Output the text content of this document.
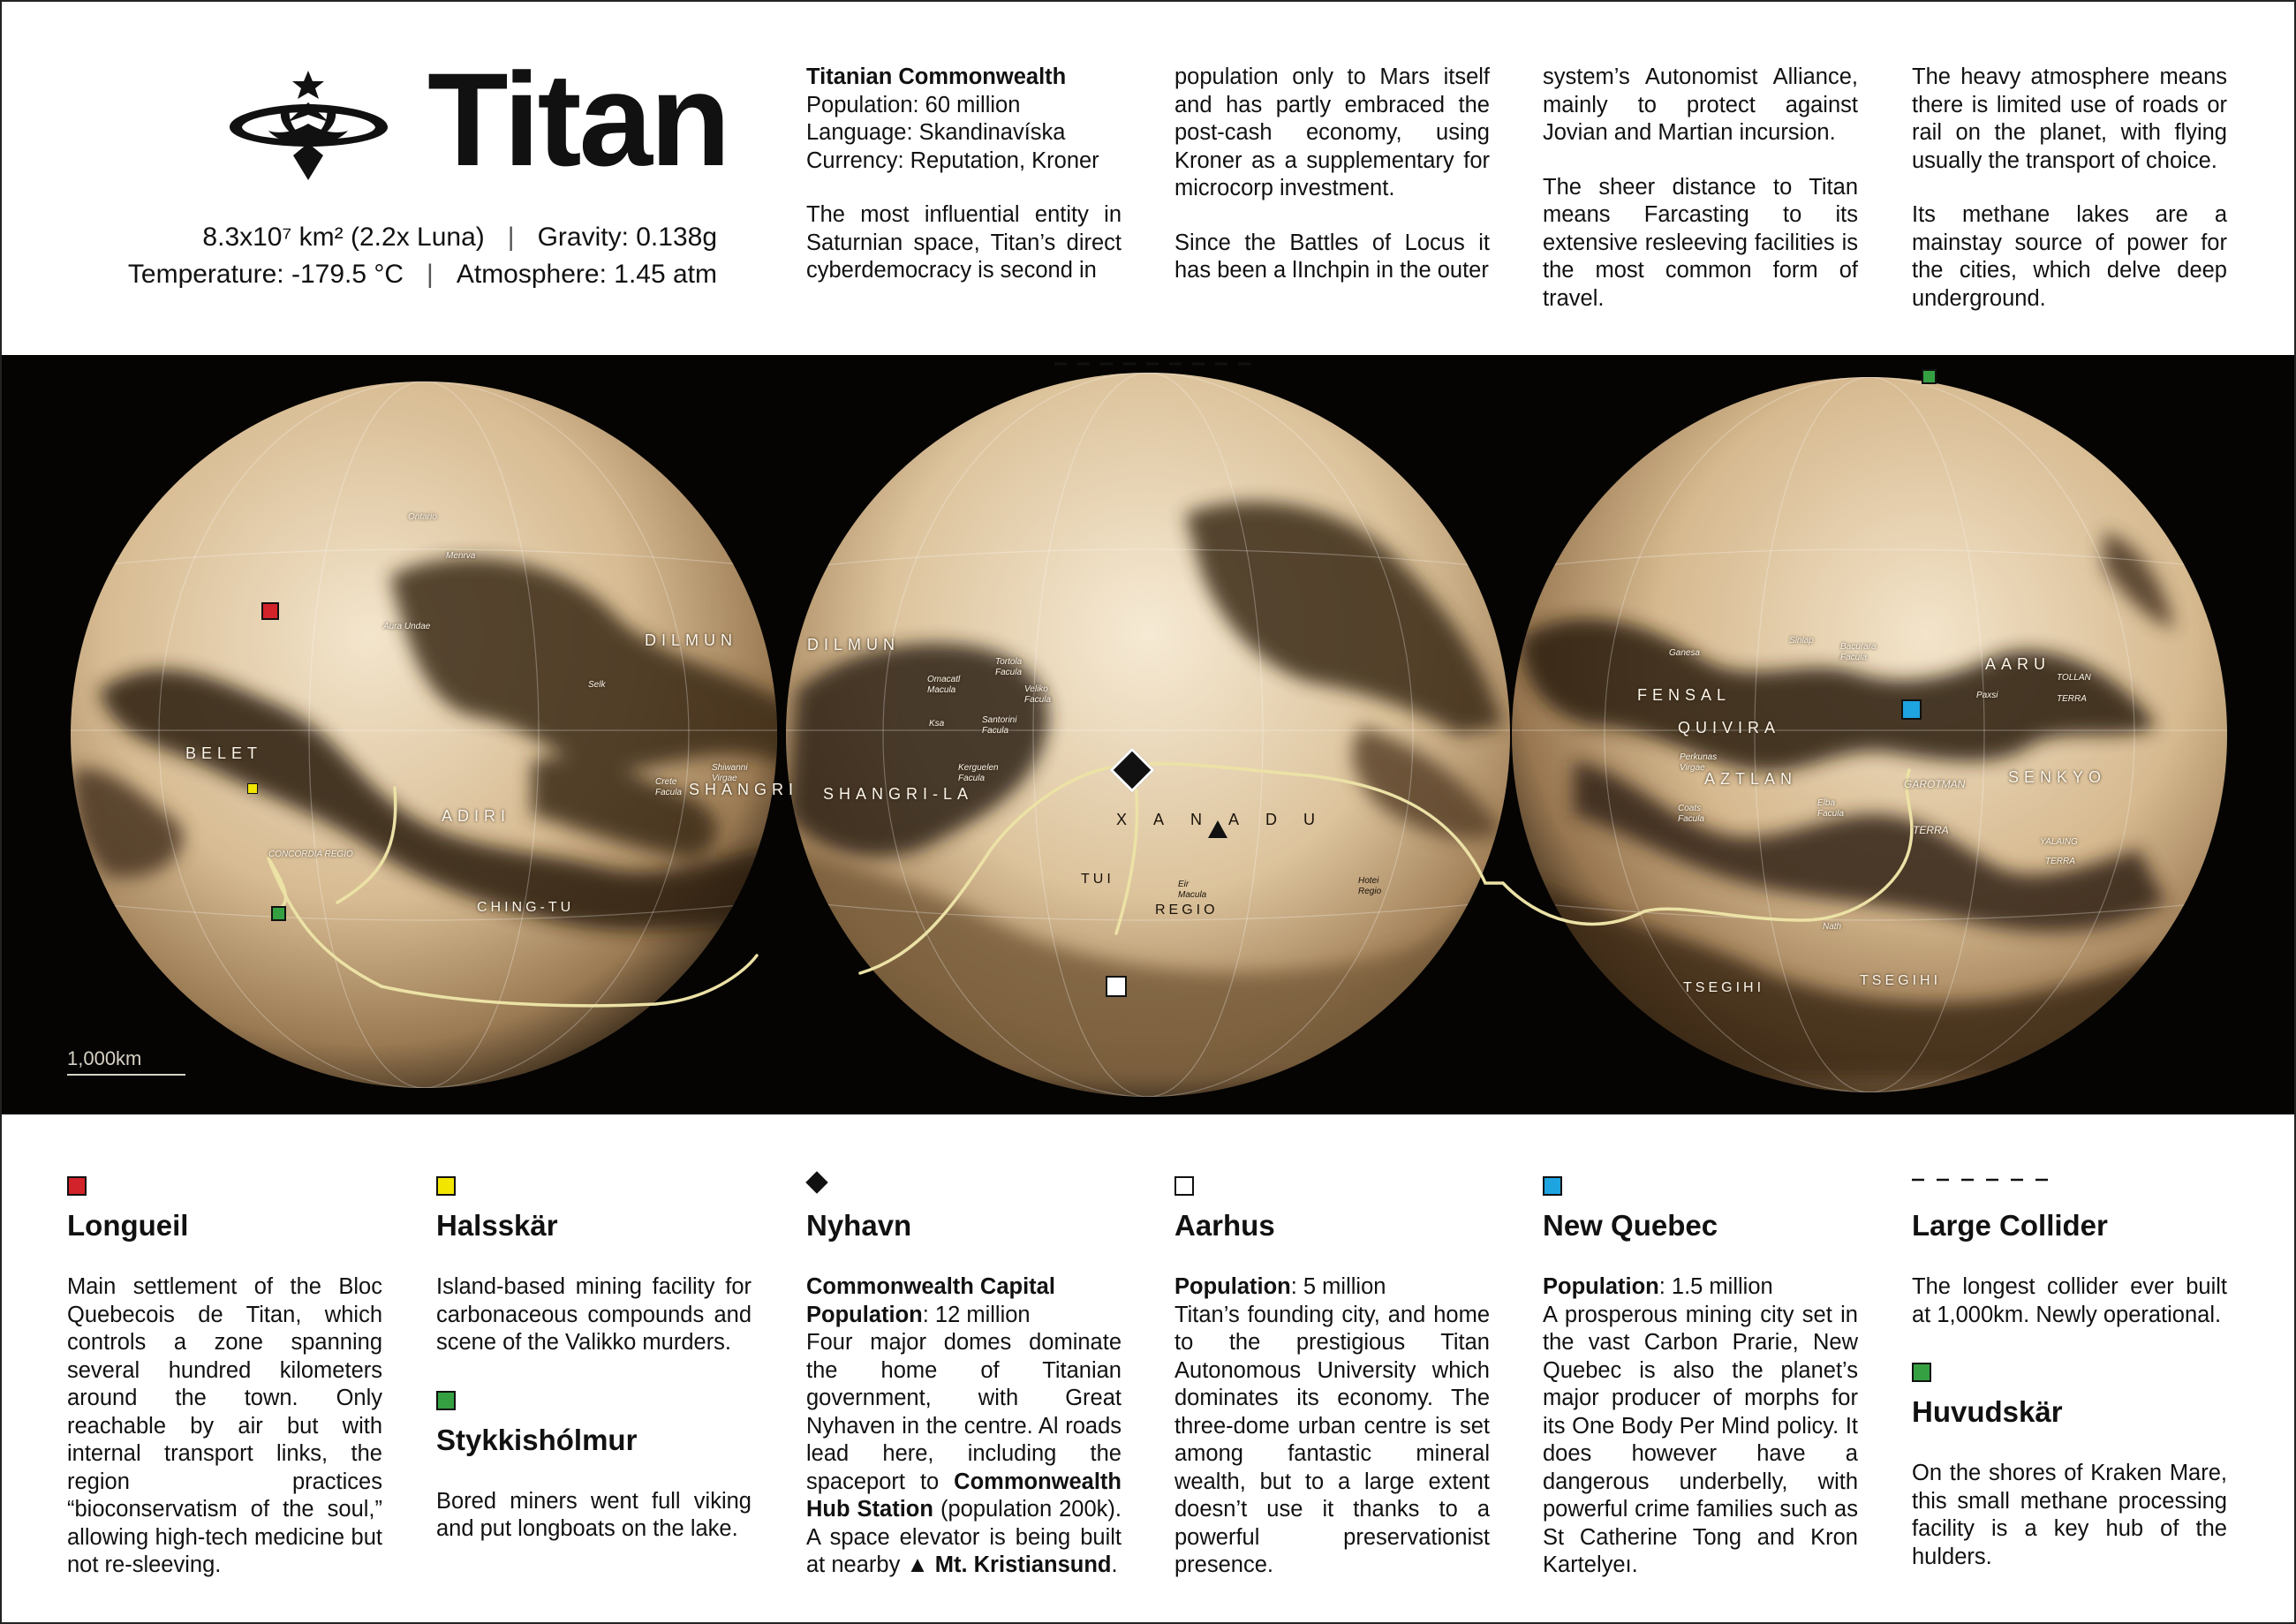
Titan
8.3x10⁷ km² (2.2x Luna) | Gravity: 0.138g
Temperature: -179.5 °C | Atmosphere: 1.45 atm
Titanian Commonwealth
Population: 60 million
Language: Skandinavíska
Currency: Reputation, Kroner

The most influential entity in Saturnian space, Titan’s direct cyberdemocracy is second in

population only to Mars itself and has partly embraced the post-cash economy, using Kroner as a supplementary for microcorp investment.

Since the Battles of Locus it has been a lInchpin in the outer

system’s Autonomist Alliance, mainly to protect against Jovian and Martian incursion.

The sheer distance to Titan means Farcasting to its extensive resleeving facilities is the most common form of travel.

The heavy atmosphere means there is limited use of roads or rail on the planet, with flying usually the transport of choice.

Its methane lakes are a mainstay source of power for the cities, which delve deep underground.

DILMUN
BELET
ADIRI
SHANGRI
CHING-TU
CONCORDIA REGIO
DILMUN
SHANGRI-LA
XANADU
TUI
REGIO
FENSAL
QUIVIRA
AZTLAN
AARU
SENKYO
TSEGIHI	TSEGIHI
GAROTMAN
TERRA
TOLLAN
TERRA
YALAING
TERRA
Ontario
Menrva
Aura Undae
Selk
Crete Facula
Shiwanni Virgae
Tortola Facula
Omacatl Macula	Veliko Facula
Santorini Facula
Kerguelen Facula
Ksa
Eir Macula
Hotei Regio
Sinlap
Bacurara Facula
Paxsi
Nath
Elba Facula
Coats Facula
Ganesa
Perkunas Virgae
1,000km
Longueil

Main settlement of the Bloc Quebecois de Titan, which controls a zone spanning several hundred kilometers around the town. Only reachable by air but with internal transport links, the region practices “bioconservatism of the soul,” allowing high-tech medicine but not re-sleeving.

Halsskär

Island-based mining facility for carbonaceous compounds and scene of the Valikko murders.

Stykkishólmur

Bored miners went full viking and put longboats on the lake.

Nyhavn

Commonwealth Capital

Population: 12 million

Four major domes dominate the home of Titanian government, with Great Nyhaven in the centre. Al roads lead here, including the spaceport to Commonwealth Hub Station (population 200k). A space elevator is being built at nearby ▲ Mt. Kristiansund.

Aarhus

Population: 5 million

Titan’s founding city, and home to the prestigious Titan Autonomous University which dominates its economy. The three-dome urban centre is set among fantastic mineral wealth, but to a large extent doesn’t use it thanks to a powerful preservationist presence.

New Quebec

Population: 1.5 million

A prosperous mining city set in the vast Carbon Prarie, New Quebec is also the planet’s major producer of morphs for its One Body Per Mind policy. It does however have a dangerous underbelly, with powerful crime families such as St Catherine Tong and Kron Kartelyeı.

Large Collider

The longest collider ever built at 1,000km. Newly operational.

Huvudskär

On the shores of Kraken Mare, this small methane processing facility is a key hub of the hulders.
